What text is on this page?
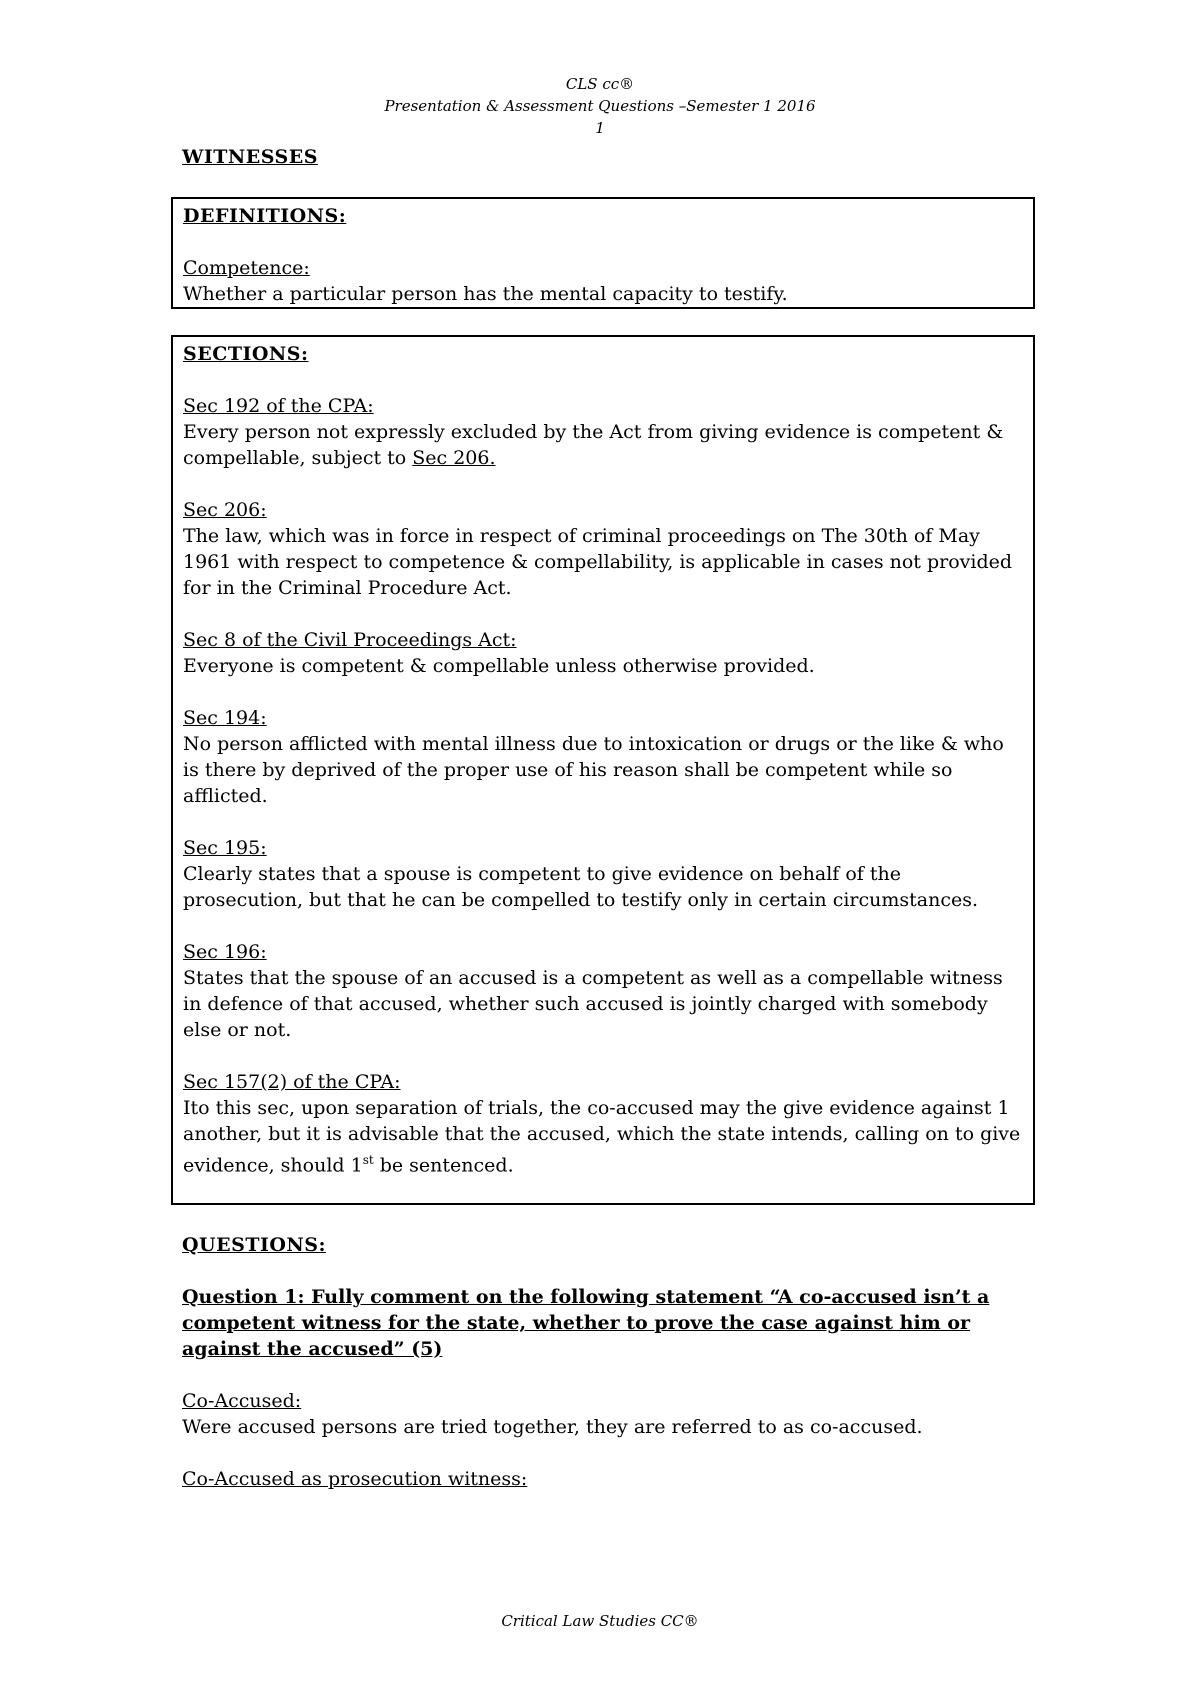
CLS cc®
Presentation & Assessment Questions –Semester 1 2016
1
WITNESSES
DEFINITIONS:
Competence:
Whether a particular person has the mental capacity to testify.
SECTIONS:
Sec 192 of the CPA:
Every person not expressly excluded by the Act from giving evidence is competent & compellable, subject to Sec 206.
Sec 206:
The law, which was in force in respect of criminal proceedings on The 30th of May 1961 with respect to competence & compellability, is applicable in cases not provided for in the Criminal Procedure Act.
Sec 8 of the Civil Proceedings Act:
Everyone is competent & compellable unless otherwise provided.
Sec 194:
No person afflicted with mental illness due to intoxication or drugs or the like & who is there by deprived of the proper use of his reason shall be competent while so afflicted.
Sec 195:
Clearly states that a spouse is competent to give evidence on behalf of the prosecution, but that he can be compelled to testify only in certain circumstances.
Sec 196:
States that the spouse of an accused is a competent as well as a compellable witness in defence of that accused, whether such accused is jointly charged with somebody else or not.
Sec 157(2) of the CPA:
Ito this sec, upon separation of trials, the co-accused may the give evidence against 1 another, but it is advisable that the accused, which the state intends, calling on to give evidence, should 1st be sentenced.
QUESTIONS:
Question 1: Fully comment on the following statement “A co-accused isn’t a competent witness for the state, whether to prove the case against him or against the accused” (5)
Co-Accused:
Were accused persons are tried together, they are referred to as co-accused.
Co-Accused as prosecution witness:
Critical Law Studies CC®
